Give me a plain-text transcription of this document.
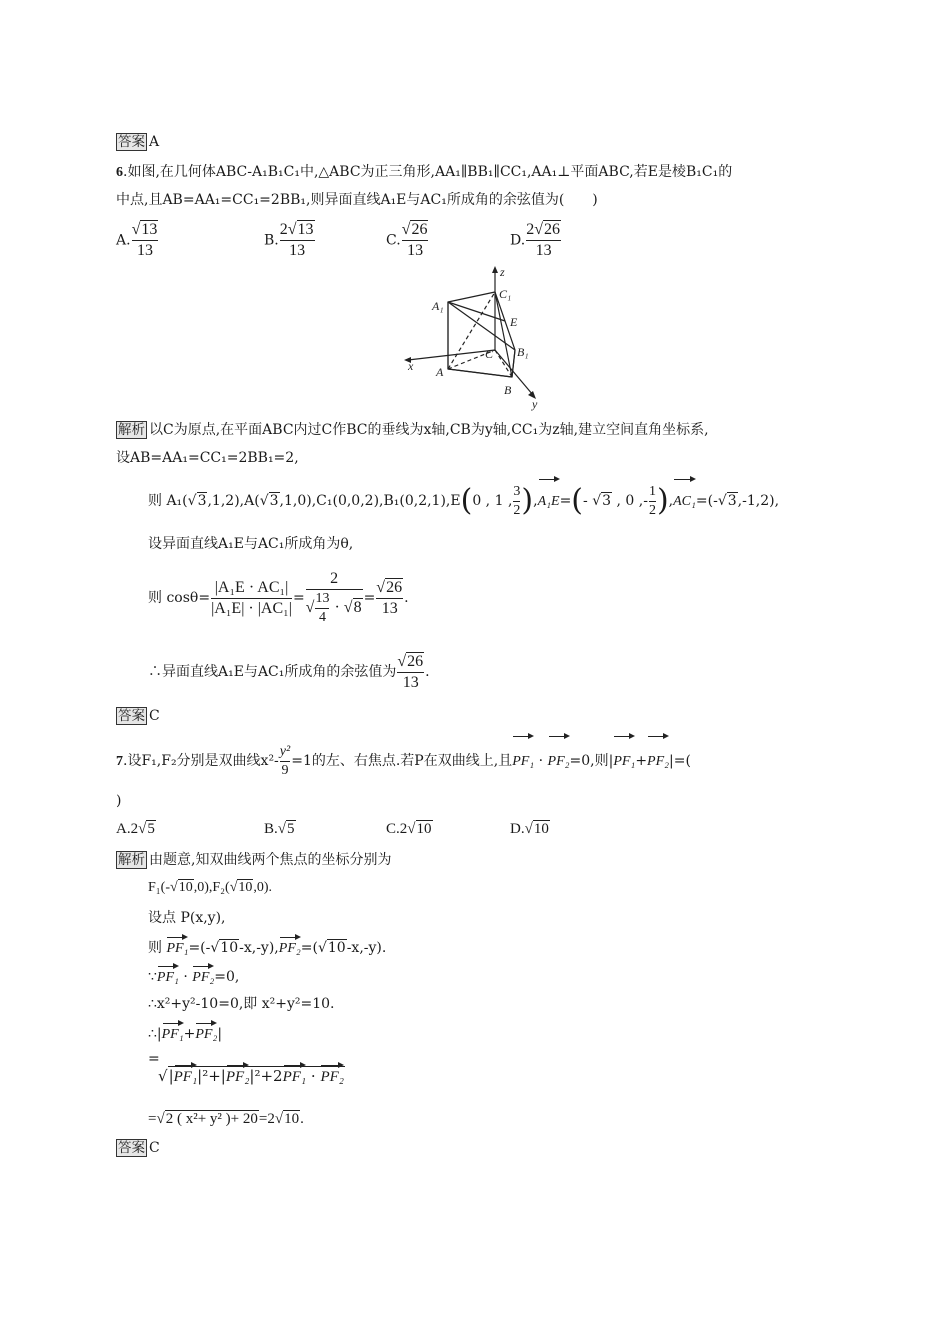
答案 A
6.如图,在几何体ABC-A₁B₁C₁中,△ABC为正三角形,AA₁∥BB₁∥CC₁,AA₁⊥平面ABC,若E是棱B₁C₁的
中点,且AB=AA₁=CC₁=2BB₁,则异面直线A₁E与AC₁所成角的余弦值为(　　)
A. $\frac{√13}{13}$	B. $\frac{2√13}{13}$	C. $\frac{√26}{13}$	D. $\frac{2√26}{13}$
z
x
y
A₁
C₁
E
B₁
C
A
B
解析 以C为原点,在平面ABC内过C作BC的垂线为x轴,CB为y轴,CC₁为z轴,建立空间直角坐标系,
设AB=AA₁=CC₁=2BB₁=2,
则 A₁(√3,1,2),A(√3,1,0),C₁(0,0,2),B₁(0,2,1),E(0 , 1 , $\frac{3}{2} ),A_1E=(-$ √3 , 0 ,- $\frac{1}{2} ),AC_1=(-√3,-1,2)$,
设异面直线A₁E与AC₁所成角为θ,
则 $\cos\theta= \frac{\text{|A₁E · AC₁|}}{\text{|A₁E| · |AC₁|}} = \frac{2}{√ \frac{13}{4} \cdot √8} = \frac{√26}{13}$ .
∴异面直线A₁E与AC₁所成角的余弦值为 $\frac{√26}{13}$ .
答案 C
7.设F₁,F₂分别是双曲线$x^2- \frac{\text{y²}}{9} =1$的左、右焦点.若P在双曲线上,且PF₁ · PF₂=0,则|PF₁+PF₂|=(
)
A.2√5	B.√5	C.2√10	D.√10
解析 由题意,知双曲线两个焦点的坐标分别为
F₁(-√10,0),F₂(√10,0).
设点 P(x,y),
则 PF₁=(-√10-x,-y),PF₂=(√10-x,-y).
∵PF₁ · PF₂=0,
∴x²+y²-10=0,即 x²+y²=10.
∴|PF₁+PF₂|
=
√|PF₁|²+|PF₂|²+2PF₁ · PF₂
=√2 ( x²+ y² )+ 20=2√10.
答案 C
